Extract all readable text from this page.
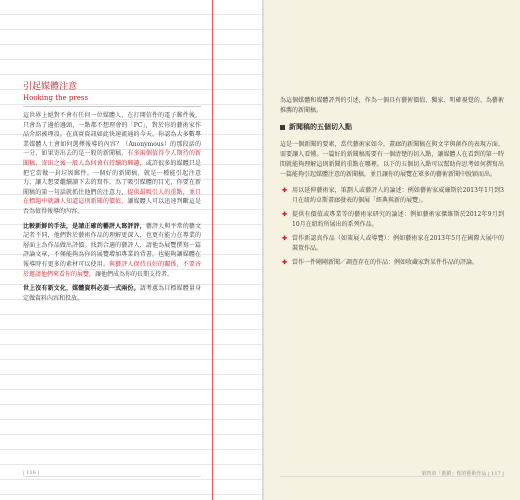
引起媒體注意
Hooking the press

這世界上絕對不會有任何一位媒體人，在打開信件的電子郵件後，只會為了邊拍邊頭，一點都不想理會的「PC」，對於你的藝術家作品介紹被埋沒。在真實資訊如此快速流通的今天，你認為大多數專業媒體人士會如何選擇報導的內容？（Anonymous）的那段話的一分，如果寄出去的是一般的新聞稿，有多兩個值得令人期待的新聞稿，寄出之後一般人為何會有持續的興趣，或許很多的媒體只是把它當做一封垃圾郵件。一個好的新聞稿，就是一種能引起注意力，讓人想要繼續讀下去的寫作。為了吸引媒體的目光，你要在新聞稿的第一句話就抓住他們的注意力，提供最吸引人的重點，並且在標題中就讓人知道這則新聞的價值，讓媒體人可以迅速判斷這是否為值得報導的內容。

比較新鮮的手法，是請正確的藝評人寫評評，藝評人與平常的藝文記者不同，他們對於藝術作品的理解更深入，也更有能力在專業的層面上為作品做出評價。找到合適的藝評人，請他為展覽撰寫一篇評論文章，不僅能夠為你的展覽增加專業的背書，也能夠讓媒體在報導時有更多的素材可以使用。與藝評人保持良好的關係，不要吝於邀請他們來看你的展覽，讓他們成為你的長期支持者。

世上沒有新文化，媒體資料必須一式兩份。請考慮為目標媒體量身定做資料內容和投放。

| 116 |

為這個媒體和媒體評判的引述，作為一個具有藝術價值、獨家、明確視覺的、為藝術推薦的新聞稿。

新聞稿的五個切入點

這是一個新聞的要素，當代藝術家如今，畫廊的新聞稿在與文字與創作的表現方面，需要讓人看懂。一篇好的新聞稿需要有一個清楚的切入點，讓媒體人在看到的第一時間就能夠理解這則新聞的重點在哪裡。以下的五個切入點可以幫助你思考如何撰寫出一篇能夠引起媒體注意的新聞稿，並且讓你的展覽在眾多的藝術新聞中脫穎而出。

✚ 用以延伸藝術家，策劃人或藝評人的論述：例如藝術家威廉斯於2013年1月到3月在紐約卓斯畫廊發表的個展「經典與新的展覽」。
✚ 提供有價值或專業等的藝術家研究的論述：例如藝術家傑維斯於2012年9月到10月在紐約所展出的系列作品。
✚ 當作新認真作品（如策展人或導覽）：例如藝術家在2013年5月在國際大展中的裝置作品。
✚ 當作一件剛剛新聞／調查存在的作品：例如收藏家對某件作品的評論。
第四章「推銷」你的藝術作品 | 117 |
